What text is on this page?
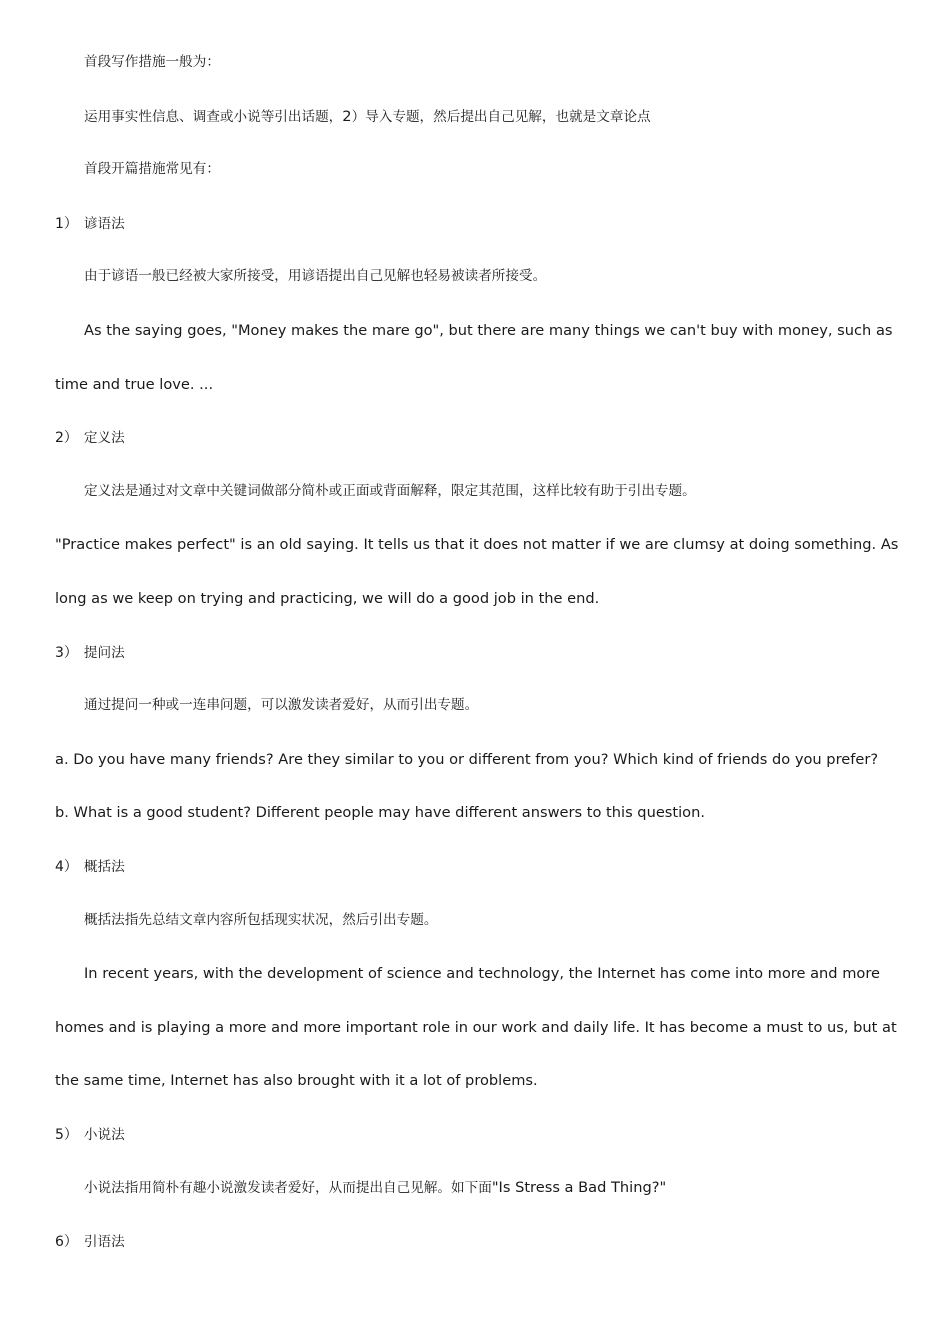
首段写作措施一般为：
运用事实性信息、调查或小说等引出话题，2）导入专题，然后提出自己见解，也就是文章论点
首段开篇措施常见有：
1） 谚语法
由于谚语一般已经被大家所接受，用谚语提出自己见解也轻易被读者所接受。
As the saying goes, "Money makes the mare go", but there are many things we can't buy with money, such as
time and true love. ...
2） 定义法
定义法是通过对文章中关键词做部分简朴或正面或背面解释，限定其范围，这样比较有助于引出专题。
"Practice makes perfect" is an old saying. It tells us that it does not matter if we are clumsy at doing something. As
long as we keep on trying and practicing, we will do a good job in the end.
3） 提问法
通过提问一种或一连串问题，可以激发读者爱好，从而引出专题。
a. Do you have many friends? Are they similar to you or different from you? Which kind of friends do you prefer?
b. What is a good student? Different people may have different answers to this question.
4） 概括法
概括法指先总结文章内容所包括现实状况，然后引出专题。
In recent years, with the development of science and technology, the Internet has come into more and more
homes and is playing a more and more important role in our work and daily life. It has become a must to us, but at
the same time, Internet has also brought with it a lot of problems.
5） 小说法
小说法指用简朴有趣小说激发读者爱好，从而提出自己见解。如下面"Is Stress a Bad Thing?"
6） 引语法
